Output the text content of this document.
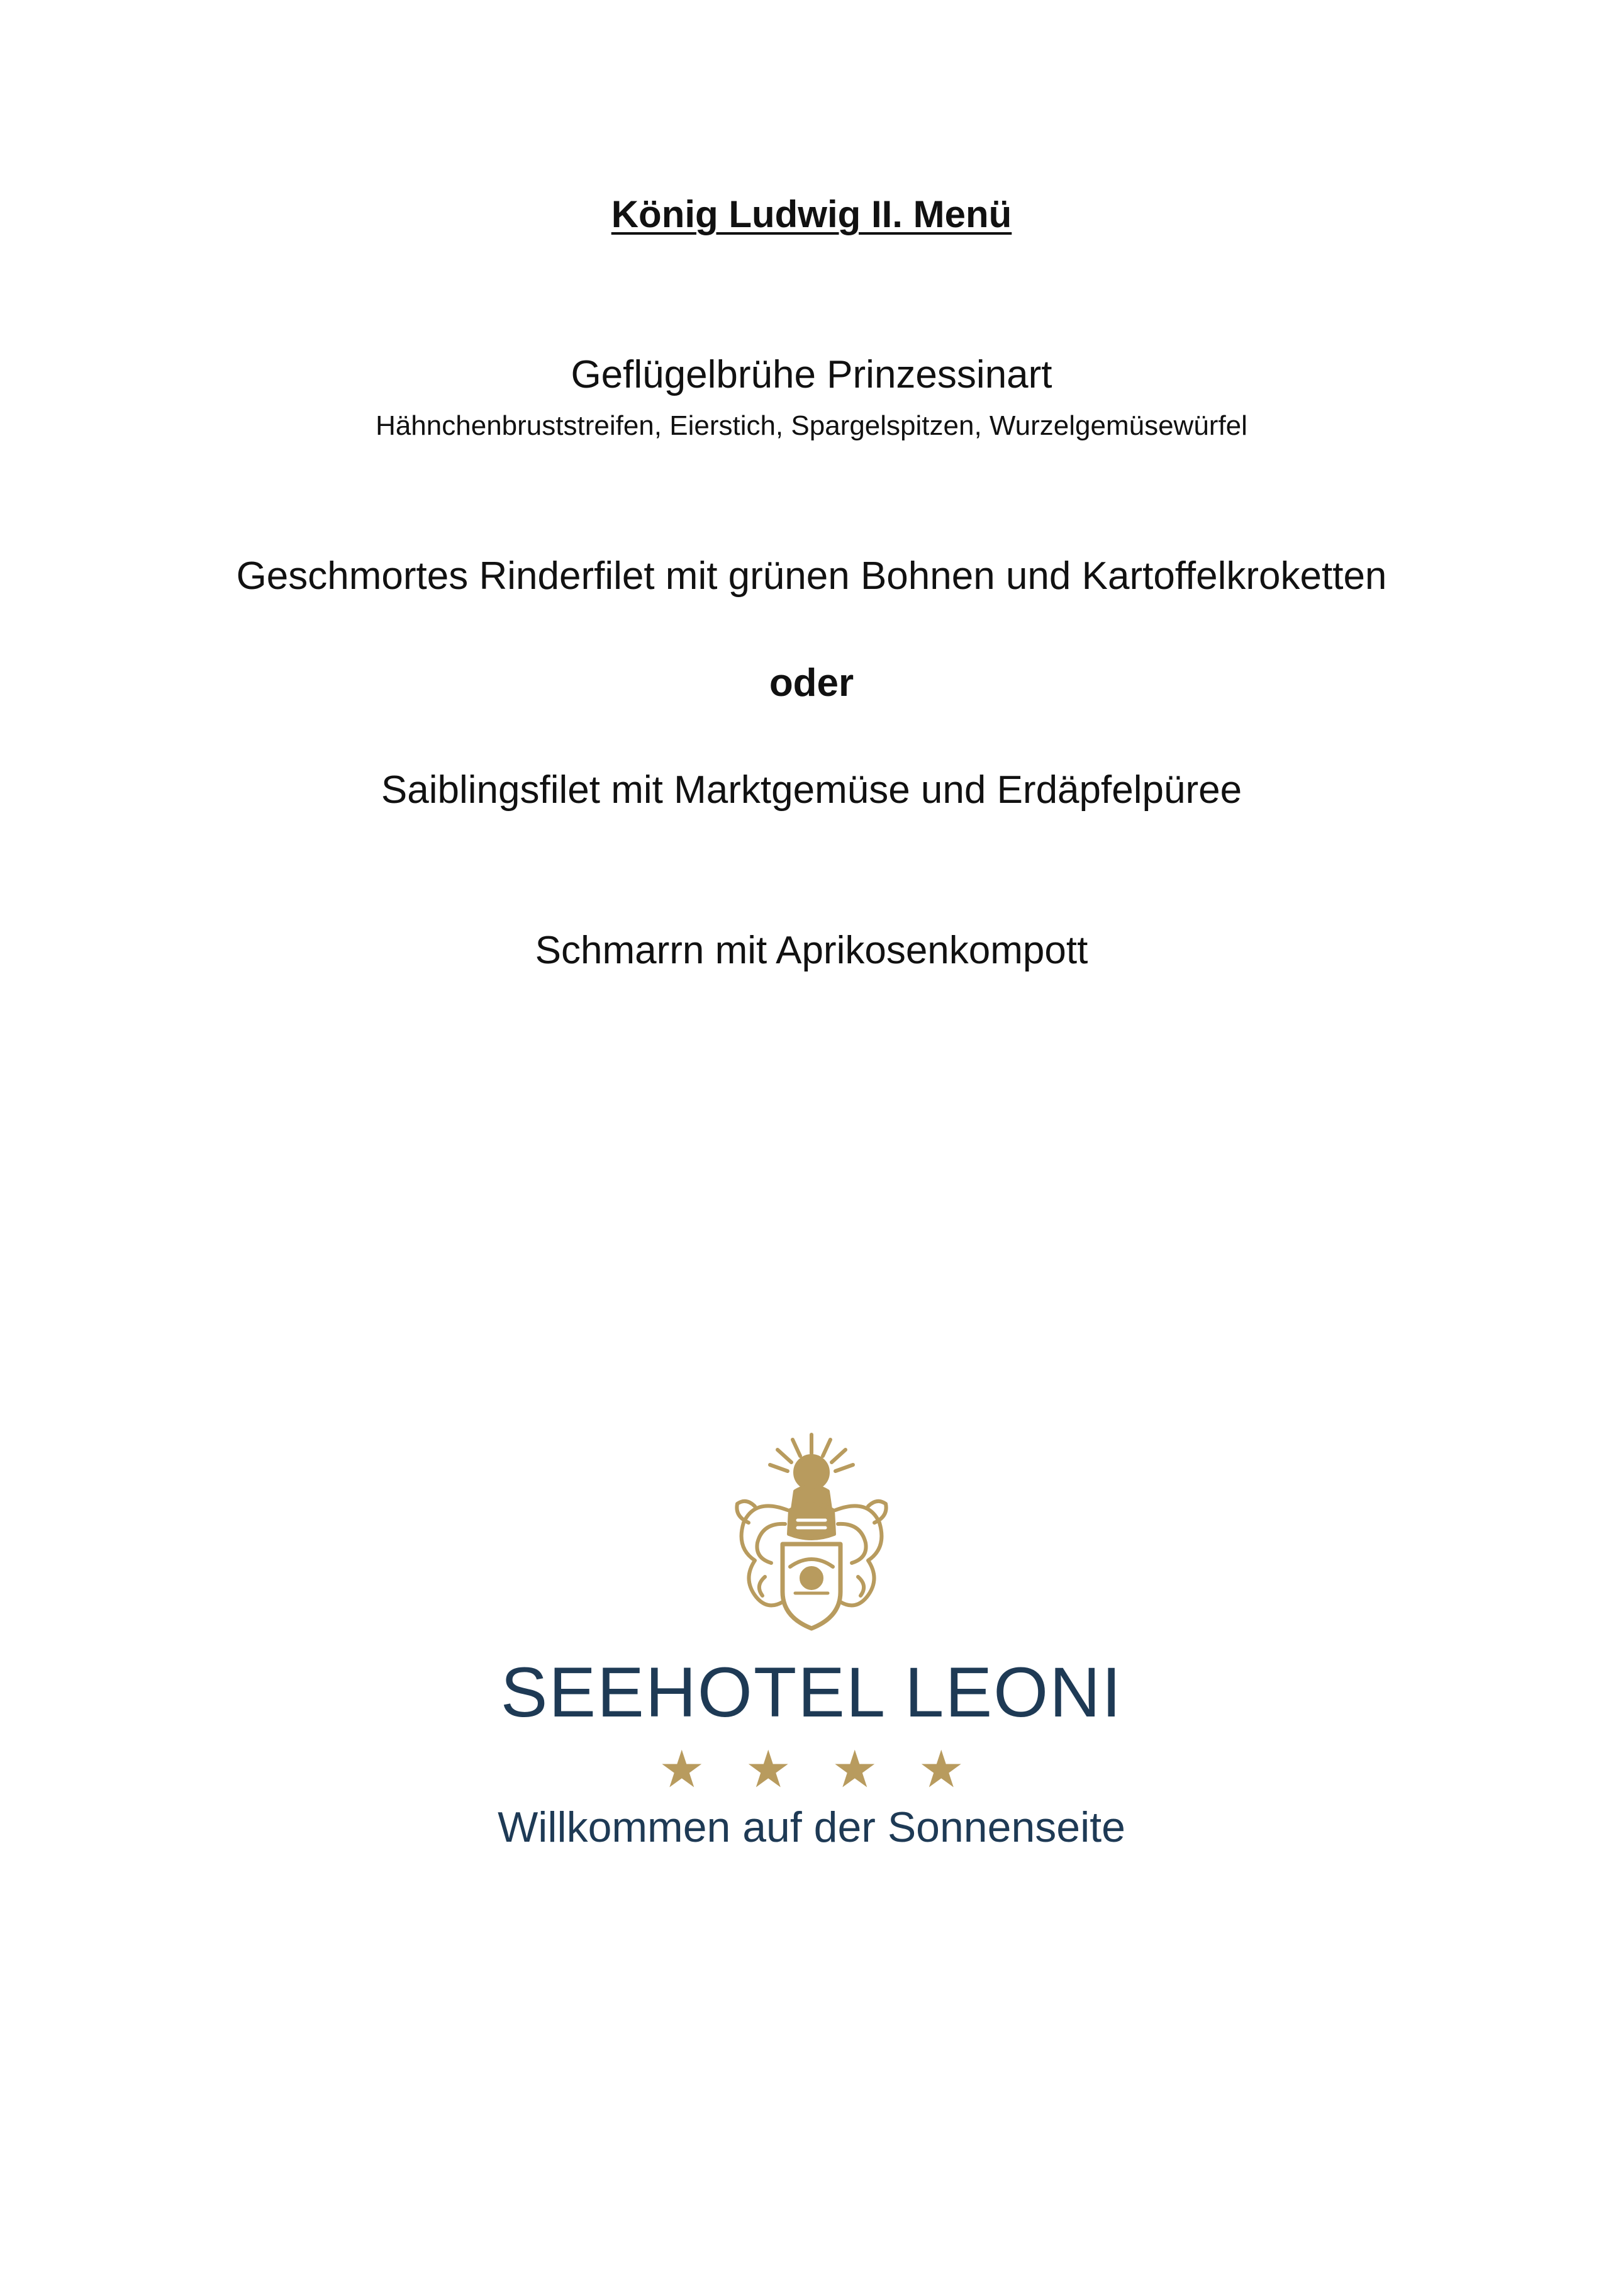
König Ludwig II. Menü
Geflügelbrühe Prinzessinart
Hähnchenbruststreifen, Eierstich, Spargelspitzen, Wurzelgemüsewürfel
Geschmortes Rinderfilet mit grünen Bohnen und Kartoffelkroketten
oder
Saiblingsfilet mit Marktgemüse und Erdäpfelpüree
Schmarrn mit Aprikosenkompott
SEEHOTEL LEONI
★ ★ ★ ★
Willkommen auf der Sonnenseite
